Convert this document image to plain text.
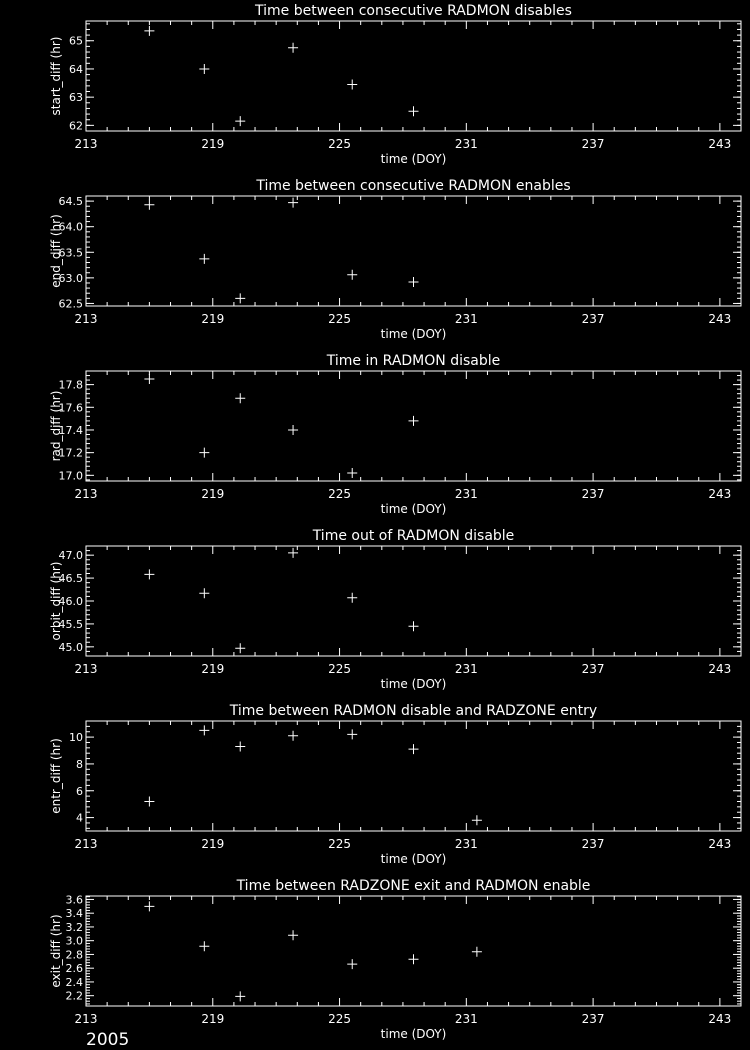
Time between consecutive RADMON disables
213	219	225	231	237	243
62
63
64
65
time (DOY)
start_diff (hr)
Time between consecutive RADMON enables
213	219	225	231	237	243
62.5
63.0
63.5
64.0
64.5
time (DOY)
end_diff (hr)
Time in RADMON disable
213	219	225	231	237	243
17.0
17.2
17.4
17.6
17.8
time (DOY)
rad_diff (hr)
Time out of RADMON disable
213	219	225	231	237	243
45.0
45.5
46.0
46.5
47.0
time (DOY)
orbit_diff (hr)
Time between RADMON disable and RADZONE entry
213	219	225	231	237	243
4
6
8
10
time (DOY)
entr_diff (hr)
Time between RADZONE exit and RADMON enable
213	219	225	231	237	243
2.2
2.4
2.6
2.8
3.0
3.2
3.4
3.6
time (DOY)
exit_diff (hr)
2005
